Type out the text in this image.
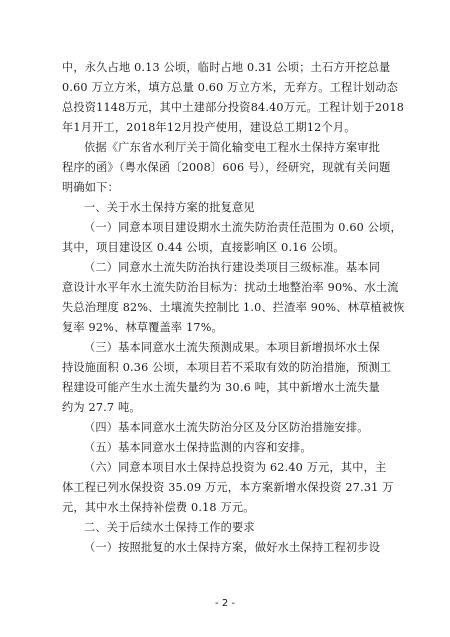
中，永久占地 0.13 公顷，临时占地 0.31 公顷；土石方开挖总量
0.60 万立方米，填方总量 0.60 万立方米，无弃方。工程计划动态
总投资1148万元，其中土建部分投资84.40万元。工程计划于2018
年1月开工，2018年12月投产使用，建设总工期12个月。
依据《广东省水利厅关于简化输变电工程水土保持方案审批
程序的函》（粤水保函〔2008〕606 号），经研究，现就有关问题
明确如下：
一、关于水土保持方案的批复意见
（一）同意本项目建设期水土流失防治责任范围为 0.60 公顷，
其中，项目建设区 0.44 公顷，直接影响区 0.16 公顷。
（二）同意水土流失防治执行建设类项目三级标准。基本同
意设计水平年水土流失防治目标为：扰动土地整治率 90%、水土流
失总治理度 82%、土壤流失控制比 1.0、拦渣率 90%、林草植被恢
复率 92%、林草覆盖率 17%。
（三）基本同意水土流失预测成果。本项目新增损坏水土保
持设施面积 0.36 公顷，本项目若不采取有效的防治措施，预测工
程建设可能产生水土流失量约为 30.6 吨，其中新增水土流失量
约为 27.7 吨。
（四）基本同意水土流失防治分区及分区防治措施安排。
（五）基本同意水土保持监测的内容和安排。
（六）同意本项目水土保持总投资为 62.40 万元，其中，主
体工程已列水保投资 35.09 万元，本方案新增水保投资 27.31 万
元，其中水土保持补偿费 0.18 万元。
二、关于后续水土保持工作的要求
（一）按照批复的水土保持方案，做好水土保持工程初步设
- 2 -
